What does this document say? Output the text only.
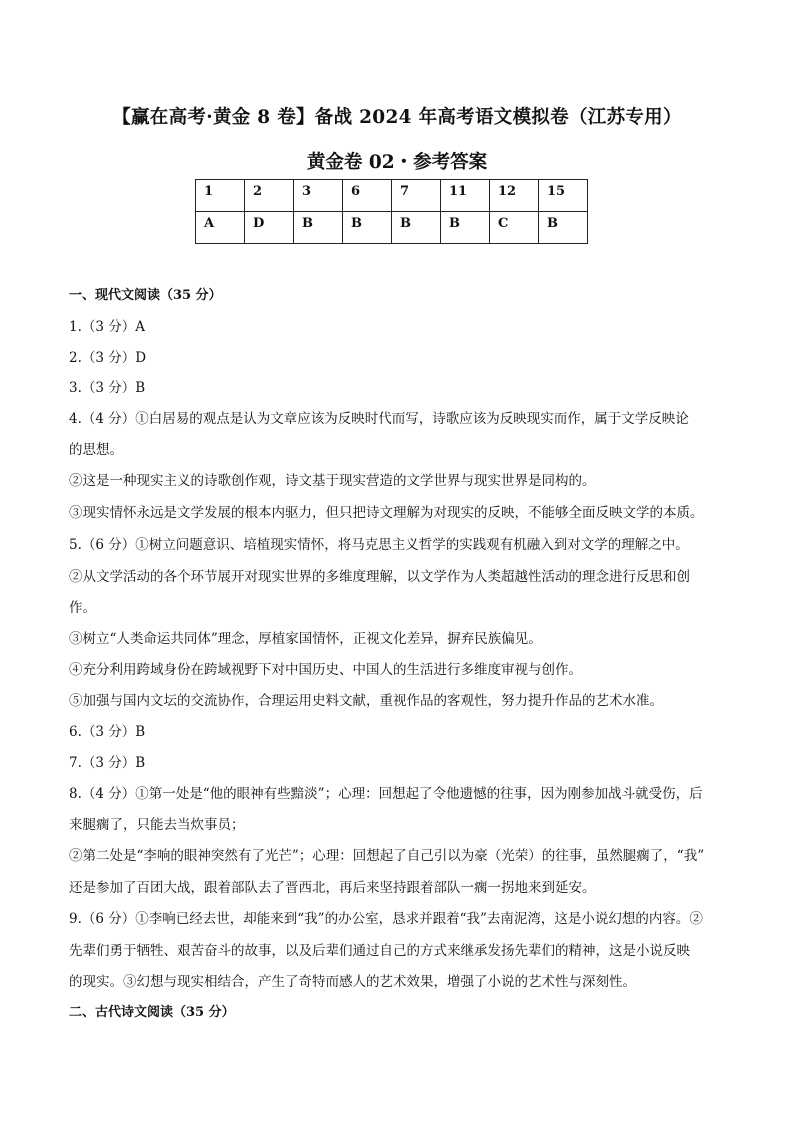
【赢在高考·黄金 8 卷】备战 2024 年高考语文模拟卷（江苏专用）
黄金卷 02・参考答案
1	2	3	6	7	11	12	15
A	D	B	B	B	B	C	B
一、现代文阅读（35 分）
1.（3 分）A
2.（3 分）D
3.（3 分）B
4.（4 分）①白居易的观点是认为文章应该为反映时代而写，诗歌应该为反映现实而作，属于文学反映论
的思想。
②这是一种现实主义的诗歌创作观，诗文基于现实营造的文学世界与现实世界是同构的。
③现实情怀永远是文学发展的根本内驱力，但只把诗文理解为对现实的反映，不能够全面反映文学的本质。
5.（6 分）①树立问题意识、培植现实情怀，将马克思主义哲学的实践观有机融入到对文学的理解之中。
②从文学活动的各个环节展开对现实世界的多维度理解，以文学作为人类超越性活动的理念进行反思和创
作。
③树立“人类命运共同体”理念，厚植家国情怀，正视文化差异，摒弃民族偏见。
④充分利用跨域身份在跨域视野下对中国历史、中国人的生活进行多维度审视与创作。
⑤加强与国内文坛的交流协作，合理运用史料文献，重视作品的客观性，努力提升作品的艺术水准。
6.（3 分）B
7.（3 分）B
8.（4 分）①第一处是“他的眼神有些黯淡”；心理：回想起了令他遗憾的往事，因为刚参加战斗就受伤，后
来腿瘸了，只能去当炊事员；
②第二处是“李响的眼神突然有了光芒”；心理：回想起了自己引以为豪（光荣）的往事，虽然腿瘸了，“我”
还是参加了百团大战，跟着部队去了晋西北，再后来坚持跟着部队一瘸一拐地来到延安。
9.（6 分）①李响已经去世，却能来到“我”的办公室，恳求并跟着“我”去南泥湾，这是小说幻想的内容。②
先辈们勇于牺牲、艰苦奋斗的故事，以及后辈们通过自己的方式来继承发扬先辈们的精神，这是小说反映
的现实。③幻想与现实相结合，产生了奇特而感人的艺术效果，增强了小说的艺术性与深刻性。
二、古代诗文阅读（35 分）
